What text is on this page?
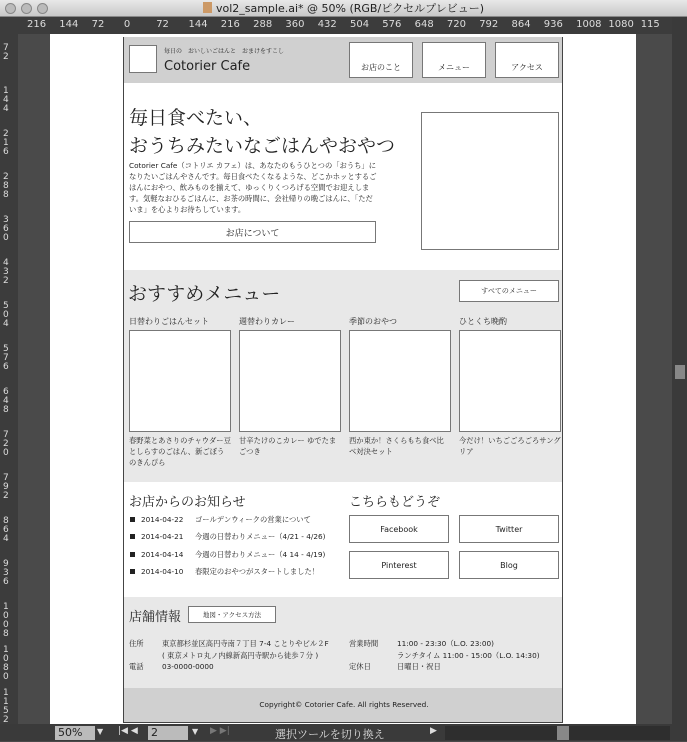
vol2_sample.ai* @ 50% (RGB/ピクセルプレビュー)
216 144 72 0	72 144 216 288 360 432 504 576 648 720 792 864 936 1008 1080 115
72
144
216
288
360
432
504
576
648
720
792
864
936
1008
1080
1152
毎日の　おいしいごはんと　おまけをすこし
Cotorier Cafe	お店のこと	メニュー	アクセス
毎日食べたい、
おうちみたいなごはんやおやつ
Cotorier Cafe（コトリエ カフェ）は、あなたのもうひとつの「おうち」になりたいごはんやさんです。毎日食べたくなるような、どこかホッとするごはんにおやつ、飲みものを揃えて、ゆっくりくつろげる空間でお迎えします。気軽なおひるごはんに、お茶の時間に、会社帰りの晩ごはんに、「ただいま」を心よりお待ちしています。
お店について
おすすめメニュー	すべてのメニュー
日替わりごはんセット
春野菜とあさりのチャウダー豆としらすのごはん、新ごぼうのきんぴら
週替わりカレー
甘辛たけのこカレー ゆでたまごつき
季節のおやつ
西か東か！さくらもち食べ比べ対決セット
ひとくち晩酌
今だけ！いちごごろごろサングリア
お店からのお知らせ
2014-04-22 ゴールデンウィークの営業について
2014-04-21 今週の日替わりメニュー（4/21 - 4/26)
2014-04-14 今週の日替わりメニュー（4 14 - 4/19)
2014-04-10 春限定のおやつがスタートしました！
こちらもどうぞ
Facebook	Twitter
Pinterest	Blog
店舗情報	地図・アクセス方法
住所	東京都杉並区高円寺南７丁目 7-4 ことりやビル２F
( 東京メトロ丸ノ内線新高円寺駅から徒歩７分 )
電話	03-0000-0000
営業時間	11:00 - 23:30（L.O. 23:00)
ランチタイム 11:00 - 15:00（L.O. 14:30)
定休日	日曜日・祝日
Copyright© Cotorier Cafe. All rights Reserved.
50%	▼ |◀ ◀ 2	▼ ▶ ▶|	選択ツールを切り換え	▶
